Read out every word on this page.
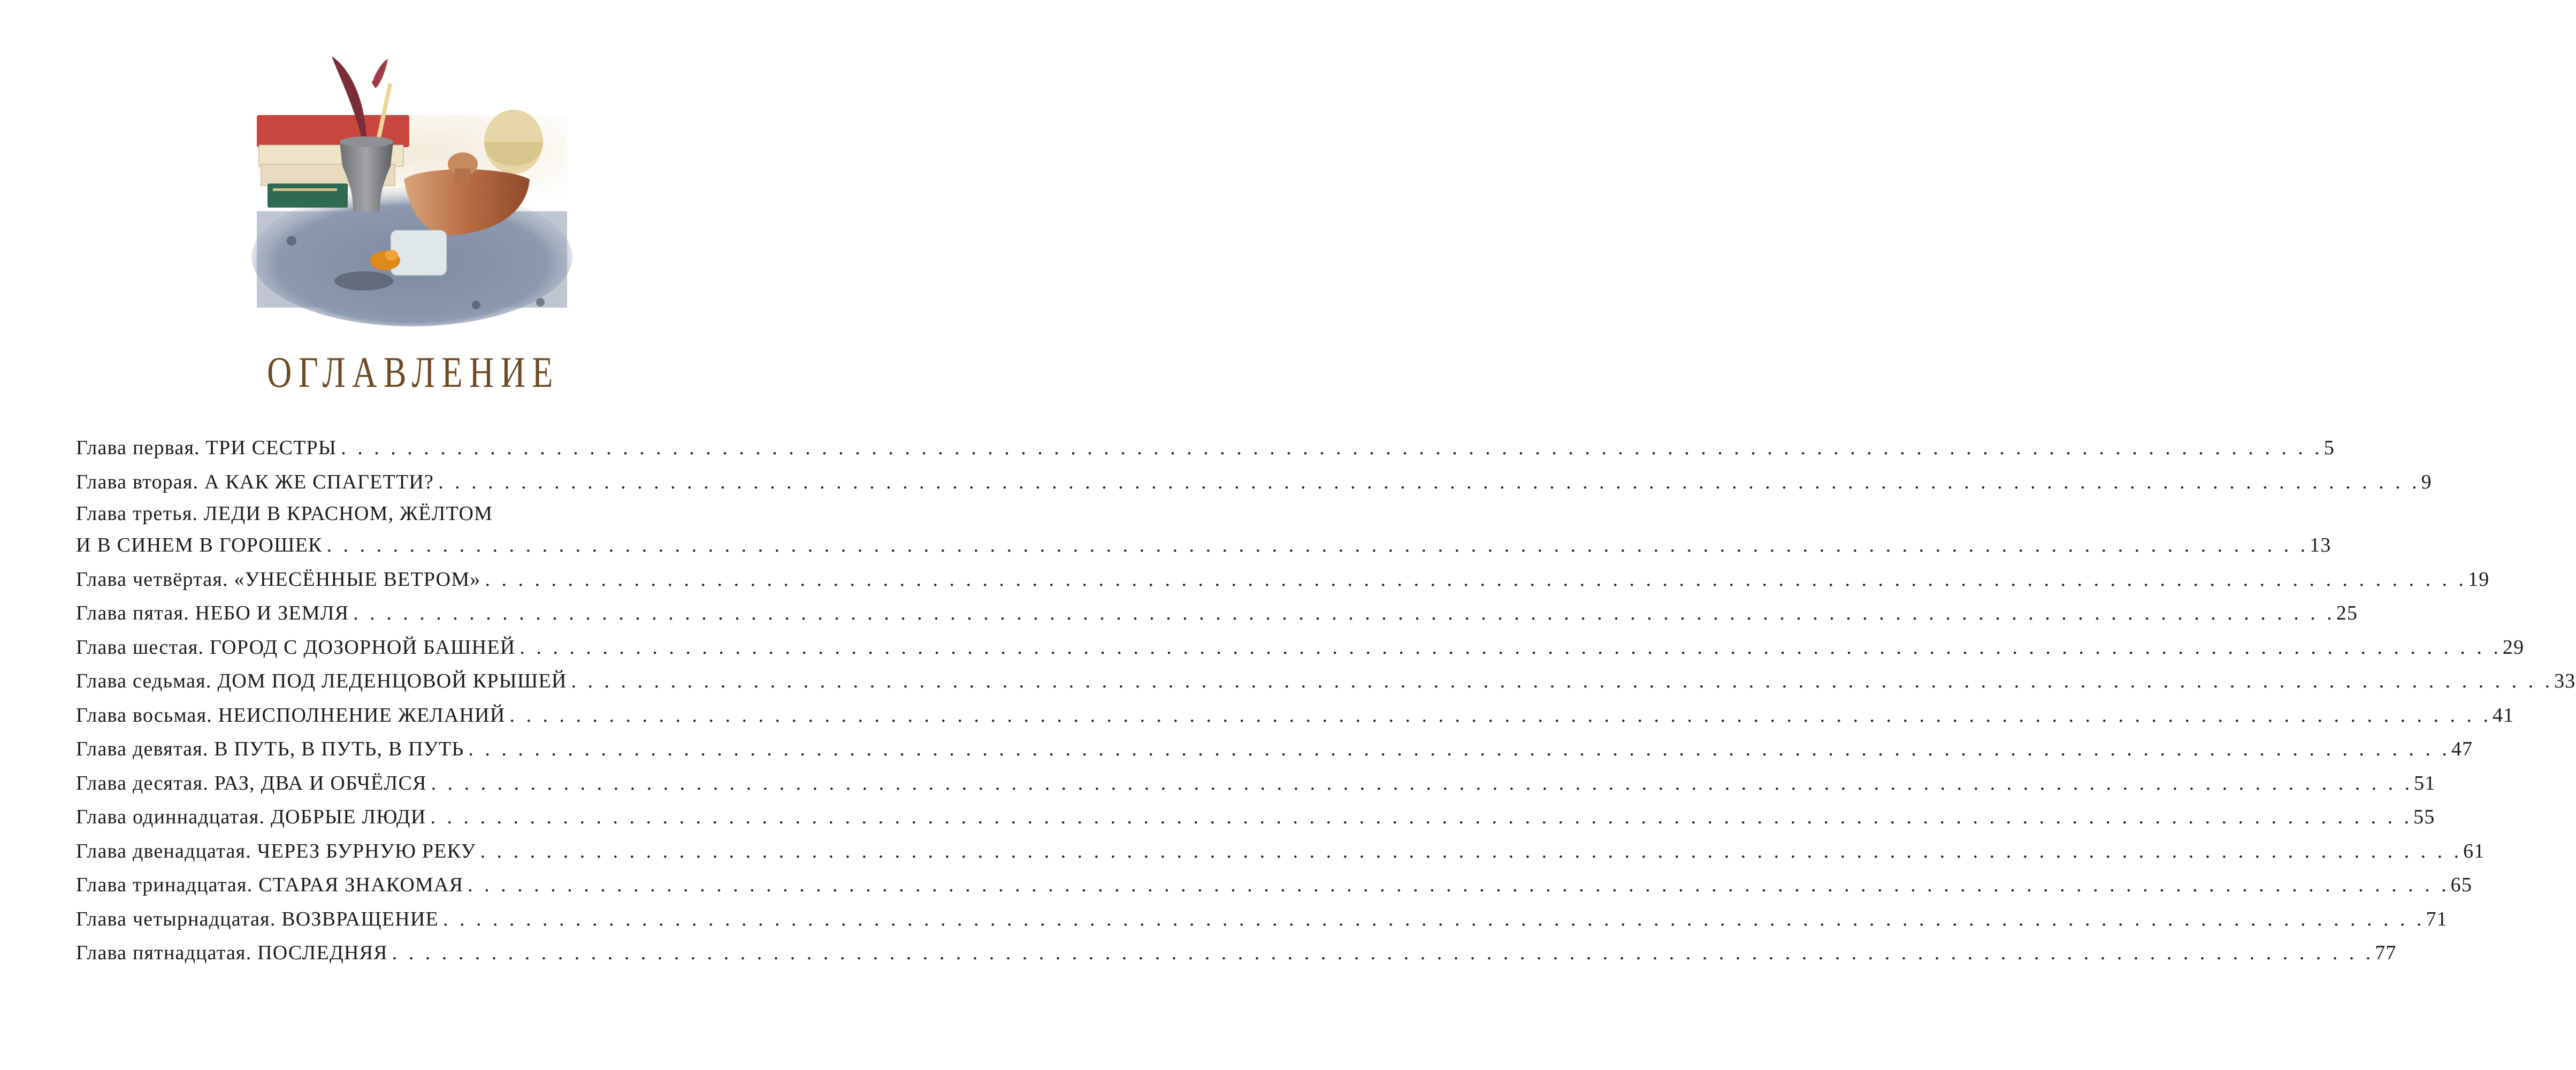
ОГЛАВЛЕНИЕ
Глава первая. ТРИ СЕСТРЫ . . . . . . . . . . . . . . . . . . . . . . . . . . . . . . . . . . . . . . . . . . . . . . . . . . . . . . . . . . . . . . . . . . . . . . . . . . . . . . . . . . . . . . . . . . . . . . . . . . . . . . . . . . . . . . . . . . . . . . . . 5
Глава вторая. А КАК ЖЕ СПАГЕТТИ? . . . . . . . . . . . . . . . . . . . . . . . . . . . . . . . . . . . . . . . . . . . . . . . . . . . . . . . . . . . . . . . . . . . . . . . . . . . . . . . . . . . . . . . . . . . . . . . . . . . . . . . . . . . . . . . . . . . . . . . . 9
Глава третья. ЛЕДИ В КРАСНОМ, ЖЁЛТОМ
И В СИНЕМ В ГОРОШЕК . . . . . . . . . . . . . . . . . . . . . . . . . . . . . . . . . . . . . . . . . . . . . . . . . . . . . . . . . . . . . . . . . . . . . . . . . . . . . . . . . . . . . . . . . . . . . . . . . . . . . . . . . . . . . . . . . . . . . . . . 13
Глава четвёртая. «УНЕСЁННЫЕ ВЕТРОМ» . . . . . . . . . . . . . . . . . . . . . . . . . . . . . . . . . . . . . . . . . . . . . . . . . . . . . . . . . . . . . . . . . . . . . . . . . . . . . . . . . . . . . . . . . . . . . . . . . . . . . . . . . . . . . . . . . . . . . . . . 19
Глава пятая. НЕБО И ЗЕМЛЯ . . . . . . . . . . . . . . . . . . . . . . . . . . . . . . . . . . . . . . . . . . . . . . . . . . . . . . . . . . . . . . . . . . . . . . . . . . . . . . . . . . . . . . . . . . . . . . . . . . . . . . . . . . . . . . . . . . . . . . . . 25
Глава шестая. ГОРОД С ДОЗОРНОЙ БАШНЕЙ . . . . . . . . . . . . . . . . . . . . . . . . . . . . . . . . . . . . . . . . . . . . . . . . . . . . . . . . . . . . . . . . . . . . . . . . . . . . . . . . . . . . . . . . . . . . . . . . . . . . . . . . . . . . . . . . . . . . . . . . 29
Глава седьмая. ДОМ ПОД ЛЕДЕНЦОВОЙ КРЫШЕЙ . . . . . . . . . . . . . . . . . . . . . . . . . . . . . . . . . . . . . . . . . . . . . . . . . . . . . . . . . . . . . . . . . . . . . . . . . . . . . . . . . . . . . . . . . . . . . . . . . . . . . . . . . . . . . . . . . . . . . . . . 33
Глава восьмая. НЕИСПОЛНЕНИЕ ЖЕЛАНИЙ . . . . . . . . . . . . . . . . . . . . . . . . . . . . . . . . . . . . . . . . . . . . . . . . . . . . . . . . . . . . . . . . . . . . . . . . . . . . . . . . . . . . . . . . . . . . . . . . . . . . . . . . . . . . . . . . . . . . . . . . 41
Глава девятая. В ПУТЬ, В ПУТЬ, В ПУТЬ . . . . . . . . . . . . . . . . . . . . . . . . . . . . . . . . . . . . . . . . . . . . . . . . . . . . . . . . . . . . . . . . . . . . . . . . . . . . . . . . . . . . . . . . . . . . . . . . . . . . . . . . . . . . . . . . . . . . . . . . 47
Глава десятая. РАЗ, ДВА И ОБЧЁЛСЯ . . . . . . . . . . . . . . . . . . . . . . . . . . . . . . . . . . . . . . . . . . . . . . . . . . . . . . . . . . . . . . . . . . . . . . . . . . . . . . . . . . . . . . . . . . . . . . . . . . . . . . . . . . . . . . . . . . . . . . . . 51
Глава одиннадцатая. ДОБРЫЕ ЛЮДИ . . . . . . . . . . . . . . . . . . . . . . . . . . . . . . . . . . . . . . . . . . . . . . . . . . . . . . . . . . . . . . . . . . . . . . . . . . . . . . . . . . . . . . . . . . . . . . . . . . . . . . . . . . . . . . . . . . . . . . . . 55
Глава двенадцатая. ЧЕРЕЗ БУРНУЮ РЕКУ . . . . . . . . . . . . . . . . . . . . . . . . . . . . . . . . . . . . . . . . . . . . . . . . . . . . . . . . . . . . . . . . . . . . . . . . . . . . . . . . . . . . . . . . . . . . . . . . . . . . . . . . . . . . . . . . . . . . . . . . 61
Глава тринадцатая. СТАРАЯ ЗНАКОМАЯ . . . . . . . . . . . . . . . . . . . . . . . . . . . . . . . . . . . . . . . . . . . . . . . . . . . . . . . . . . . . . . . . . . . . . . . . . . . . . . . . . . . . . . . . . . . . . . . . . . . . . . . . . . . . . . . . . . . . . . . . 65
Глава четырнадцатая. ВОЗВРАЩЕНИЕ . . . . . . . . . . . . . . . . . . . . . . . . . . . . . . . . . . . . . . . . . . . . . . . . . . . . . . . . . . . . . . . . . . . . . . . . . . . . . . . . . . . . . . . . . . . . . . . . . . . . . . . . . . . . . . . . . . . . . . . . 71
Глава пятнадцатая. ПОСЛЕДНЯЯ . . . . . . . . . . . . . . . . . . . . . . . . . . . . . . . . . . . . . . . . . . . . . . . . . . . . . . . . . . . . . . . . . . . . . . . . . . . . . . . . . . . . . . . . . . . . . . . . . . . . . . . . . . . . . . . . . . . . . . . . 77
